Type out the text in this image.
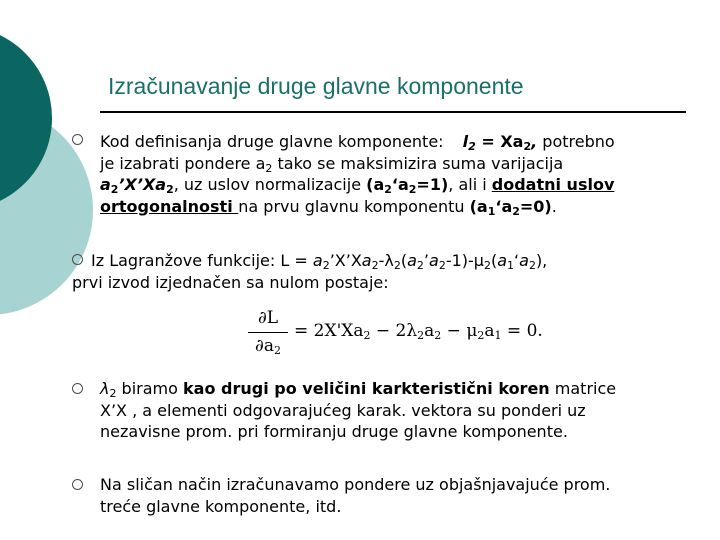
Izračunavanje druge glavne komponente
Kod definisanja druge glavne komponente: $l_2 = Xa_2$, potrebno
je izabrati pondere $a_2$ tako se maksimizira suma varijacija
$a_2’X’Xa_2$, uz uslov normalizacije $(a_2‘a_2=1)$, ali i dodatni uslov
ortogonalnosti na prvu glavnu komponentu $(a_1‘a_2=0)$.
Iz Lagranžove funkcije: $L = a_2’X’Xa_2-\lambda_2(a_2’a_2-1)-\mu_2(a_1‘a_2)$,
prvi izvod izjednačen sa nulom postaje:
∂L
$\partial a_2$
= $2X'Xa_2 - 2\lambda_2a_2 - \mu_2a_1 = 0$.
$\lambda_2$ biramo kao drugi po veličini karkteristični koren matrice
X’X , a elementi odgovarajućeg karak. vektora su ponderi uz
nezavisne prom. pri formiranju druge glavne komponente.
Na sličan način izračunavamo pondere uz objašnjavajuće prom.
treće glavne komponente, itd.
